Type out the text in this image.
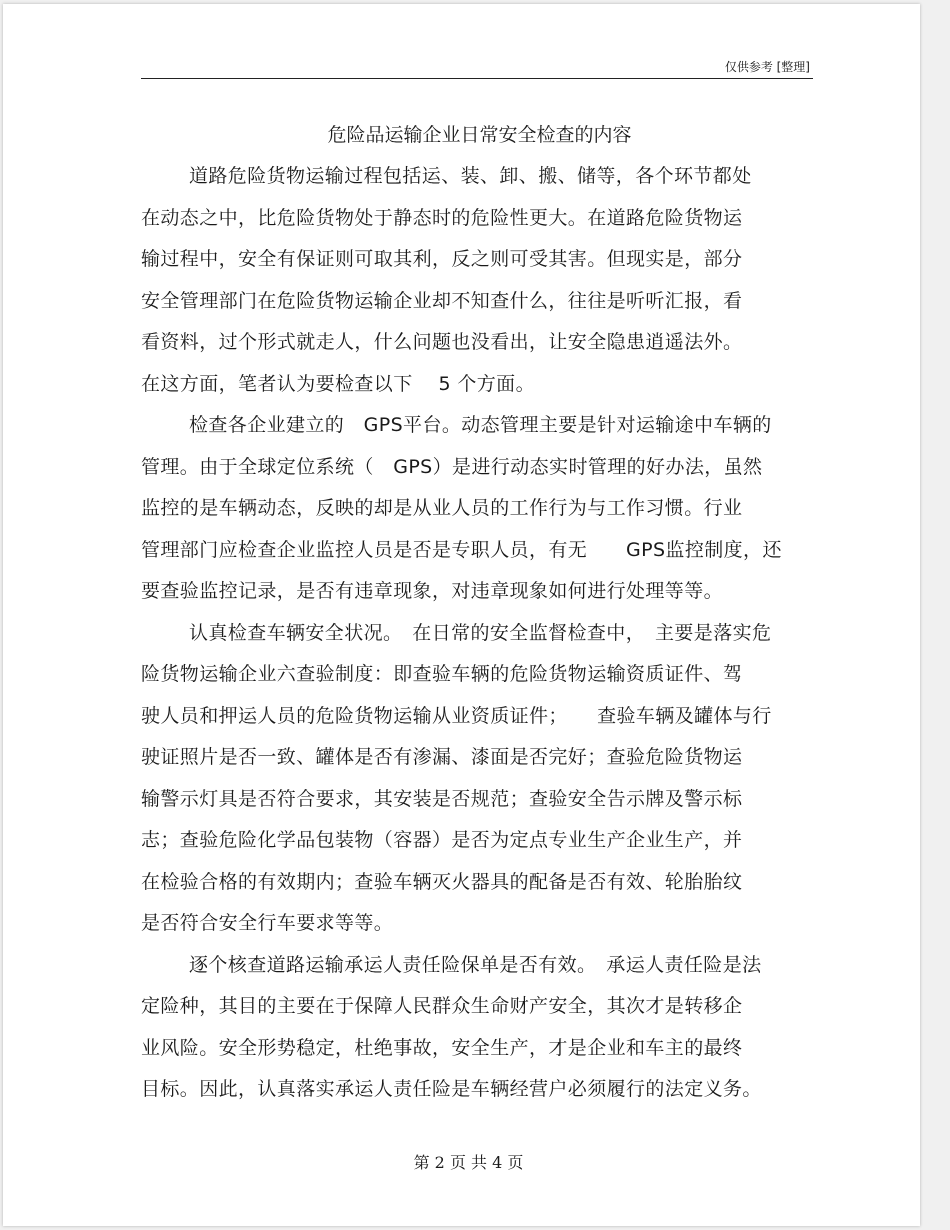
仅供参考 [整理]
危险品运输企业日常安全检查的内容
道路危险货物运输过程包括运、装、卸、搬、储等，各个环节都处
在动态之中，比危险货物处于静态时的危险性更大。在道路危险货物运
输过程中，安全有保证则可取其利，反之则可受其害。但现实是，部分
安全管理部门在危险货物运输企业却不知查什么，往往是听听汇报，看
看资料，过个形式就走人，什么问题也没看出，让安全隐患逍遥法外。
在这方面，笔者认为要检查以下　 5 个方面。
检查各企业建立的　GPS平台。动态管理主要是针对运输途中车辆的
管理。由于全球定位系统（　GPS）是进行动态实时管理的好办法，虽然
监控的是车辆动态，反映的却是从业人员的工作行为与工作习惯。行业
管理部门应检查企业监控人员是否是专职人员，有无　　GPS监控制度，还
要查验监控记录，是否有违章现象，对违章现象如何进行处理等等。
认真检查车辆安全状况。　在日常的安全监督检查中，　主要是落实危
险货物运输企业六查验制度：即查验车辆的危险货物运输资质证件、驾
驶人员和押运人员的危险货物运输从业资质证件；　　查验车辆及罐体与行
驶证照片是否一致、罐体是否有渗漏、漆面是否完好；查验危险货物运
输警示灯具是否符合要求，其安装是否规范；查验安全告示牌及警示标
志；查验危险化学品包装物（容器）是否为定点专业生产企业生产，并
在检验合格的有效期内；查验车辆灭火器具的配备是否有效、轮胎胎纹
是否符合安全行车要求等等。
逐个核查道路运输承运人责任险保单是否有效。　承运人责任险是法
定险种，其目的主要在于保障人民群众生命财产安全，其次才是转移企
业风险。安全形势稳定，杜绝事故，安全生产，才是企业和车主的最终
目标。因此，认真落实承运人责任险是车辆经营户必须履行的法定义务。
第 2 页 共 4 页
